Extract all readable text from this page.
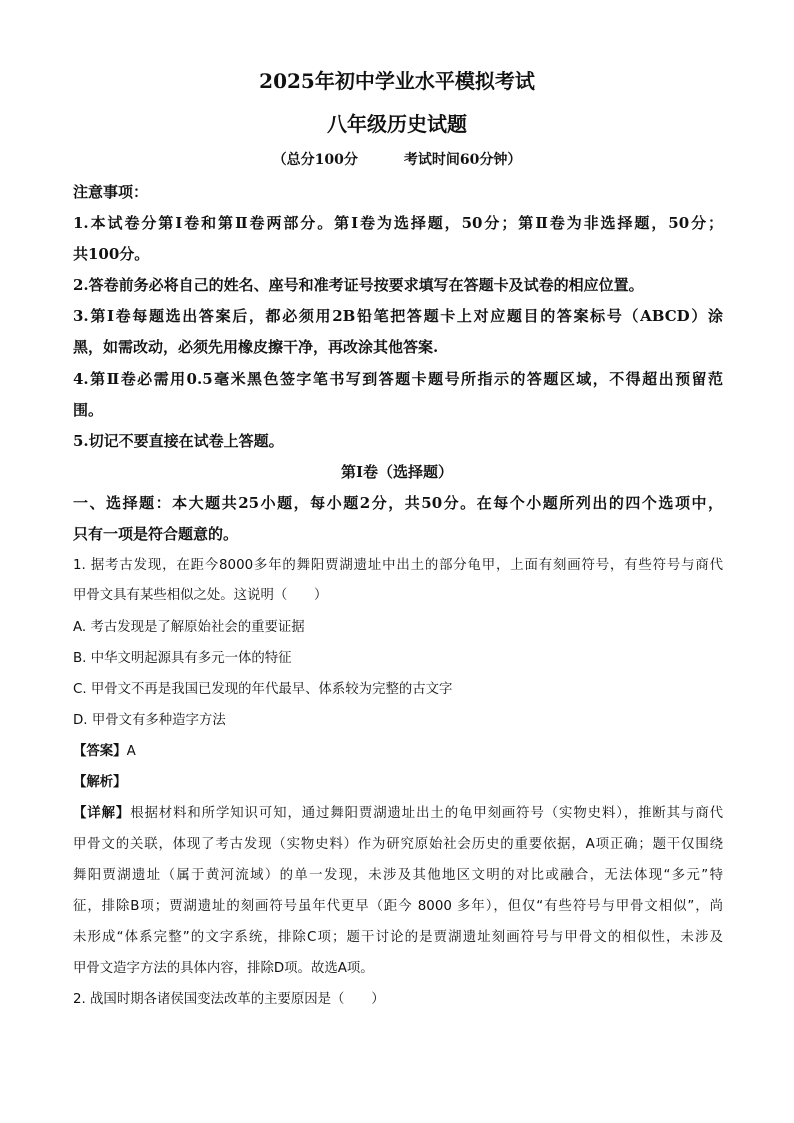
2025年初中学业水平模拟考试
八年级历史试题
（总分100分	考试时间60分钟）
注意事项：
1.本试卷分第Ⅰ卷和第Ⅱ卷两部分。第Ⅰ卷为选择题，50分；第Ⅱ卷为非选择题，50分；
共100分。
2.答卷前务必将自己的姓名、座号和准考证号按要求填写在答题卡及试卷的相应位置。
3.第Ⅰ卷每题选出答案后，都必须用2B铅笔把答题卡上对应题目的答案标号（ABCD）涂
黑，如需改动，必须先用橡皮擦干净，再改涂其他答案.
4.第Ⅱ卷必需用0.5毫米黑色签字笔书写到答题卡题号所指示的答题区域，不得超出预留范
围。
5.切记不要直接在试卷上答题。
第Ⅰ卷（选择题）
一、选择题：本大题共25小题，每小题2分，共50分。在每个小题所列出的四个选项中，
只有一项是符合题意的。
1. 据考古发现，在距今8000多年的舞阳贾湖遗址中出土的部分龟甲，上面有刻画符号，有些符号与商代
甲骨文具有某些相似之处。这说明（　　）
A. 考古发现是了解原始社会的重要证据
B. 中华文明起源具有多元一体的特征
C. 甲骨文不再是我国已发现的年代最早、体系较为完整的古文字
D. 甲骨文有多种造字方法
【答案】A
【解析】
【详解】根据材料和所学知识可知，通过舞阳贾湖遗址出土的龟甲刻画符号（实物史料），推断其与商代
甲骨文的关联，体现了考古发现（实物史料）作为研究原始社会历史的重要依据，A项正确；题干仅围绕
舞阳贾湖遗址（属于黄河流域）的单一发现，未涉及其他地区文明的对比或融合，无法体现“多元”特
征，排除B项；贾湖遗址的刻画符号虽年代更早（距今 8000 多年），但仅“有些符号与甲骨文相似”，尚
未形成“体系完整”的文字系统，排除C项；题干讨论的是贾湖遗址刻画符号与甲骨文的相似性，未涉及
甲骨文造字方法的具体内容，排除D项。故选A项。
2. 战国时期各诸侯国变法改革的主要原因是（　　）
